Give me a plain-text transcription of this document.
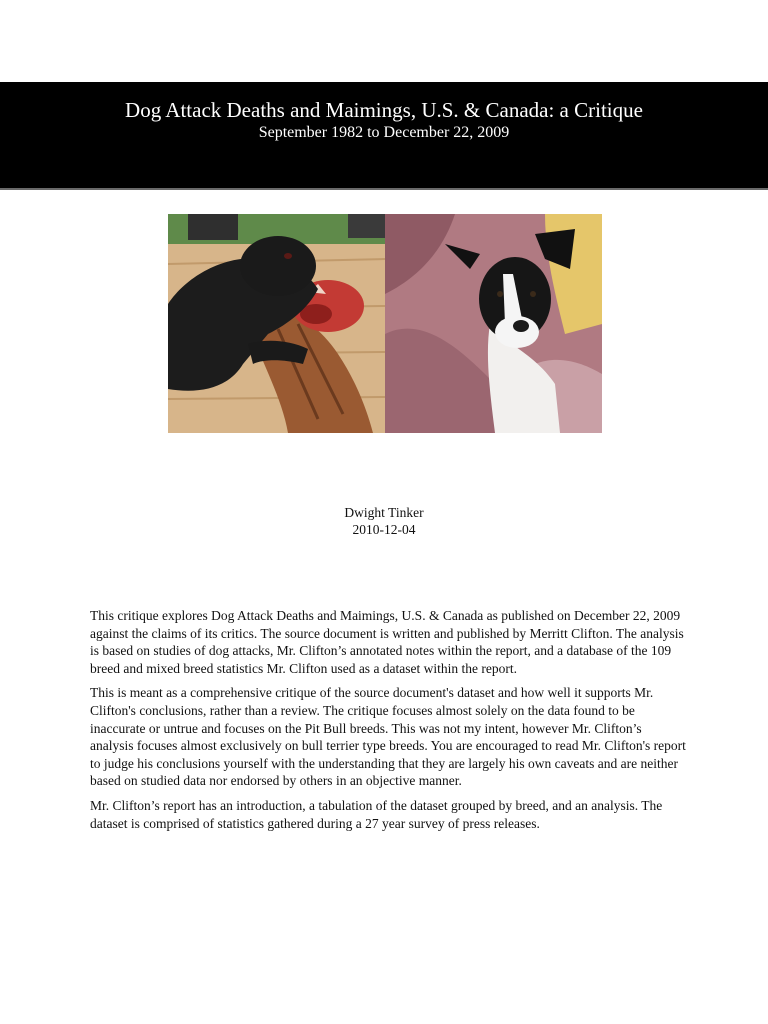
Dog Attack Deaths and Maimings, U.S. & Canada: a Critique
September 1982 to December 22, 2009
Dwight Tinker
2010-12-04

This critique explores Dog Attack Deaths and Maimings, U.S. & Canada as published on December 22, 2009 against the claims of its critics. The source document is written and published by Merritt Clifton. The analysis is based on studies of dog attacks, Mr. Clifton’s annotated notes within the report, and a database of the 109 breed and mixed breed statistics Mr. Clifton used as a dataset within the report.

This is meant as a comprehensive critique of the source document's dataset and how well it supports Mr. Clifton's conclusions, rather than a review. The critique focuses almost solely on the data found to be inaccurate or untrue and focuses on the Pit Bull breeds. This was not my intent, however Mr. Clifton’s analysis focuses almost exclusively on bull terrier type breeds. You are encouraged to read Mr. Clifton's report to judge his conclusions yourself with the understanding that they are largely his own caveats and are neither based on studied data nor endorsed by others in an objective manner.

Mr. Clifton’s report has an introduction, a tabulation of the dataset grouped by breed, and an analysis. The dataset is comprised of statistics gathered during a 27 year survey of press releases.
